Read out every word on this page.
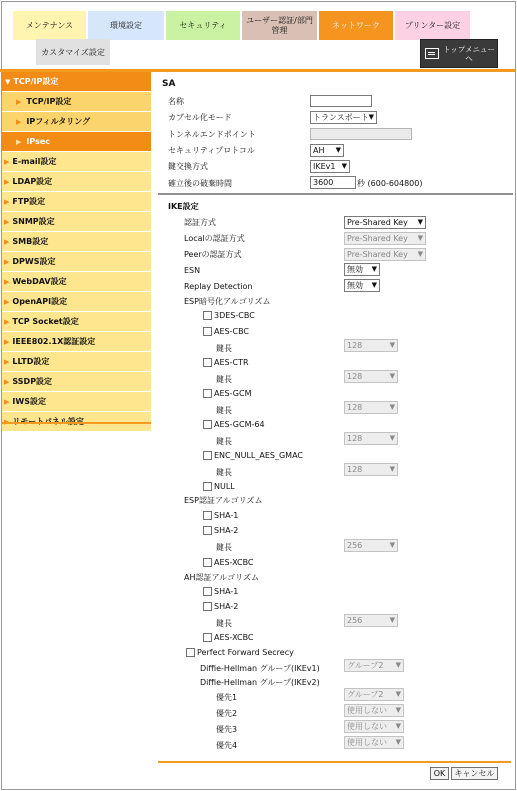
メンテナンス	環境設定	セキュリティ
ユーザー認証/部門
管理
ネットワーク	プリンター設定
カスタマイズ設定	トップメニュー
へ
▼ TCP/IP設定
▶ TCP/IP設定
▶ IPフィルタリング
▶ IPsec
▶ E-mail設定
▶ LDAP設定
▶ FTP設定
▶ SNMP設定
▶ SMB設定
▶ DPWS設定
▶ WebDAV設定
▶ OpenAPI設定
▶ TCP Socket設定
▶ IEEE802.1X認証設定
▶ LLTD設定
▶ SSDP設定
▶ IWS設定
SA
名称
カプセル化モード	トランスポート ▼
トンネルエンドポイント
セキュリティプロトコル	AH ▼
鍵交換方式	IKEv1 ▼
確立後の破棄時間	3600	秒 (600-604800)
IKE設定
認証方式	Pre-Shared Key ▼
Localの認証方式	Pre-Shared Key ▼
Peerの認証方式	Pre-Shared Key ▼
ESN	無効 ▼
Replay Detection	無効 ▼
ESP暗号化アルゴリズム
3DES-CBC
AES-CBC
鍵長	128	▼
AES-CTR
鍵長	128	▼
AES-GCM
鍵長	128	▼
AES-GCM-64
鍵長	128	▼
ENC_NULL_AES_GMAC
鍵長	128	▼
NULL
ESP認証アルゴリズム
SHA-1
SHA-2
鍵長	256	▼
AES-XCBC
AH認証アルゴリズム
SHA-1
SHA-2
鍵長	256	▼
AES-XCBC
Perfect Forward Secrecy
Diffie-Hellman グループ(IKEv1)	グループ2 ▼
Diffie-Hellman グループ(IKEv2)
優先1	グループ2 ▼
優先2	使用しない ▼
優先3	使用しない ▼
優先4	使用しない ▼
OK	キャンセル
